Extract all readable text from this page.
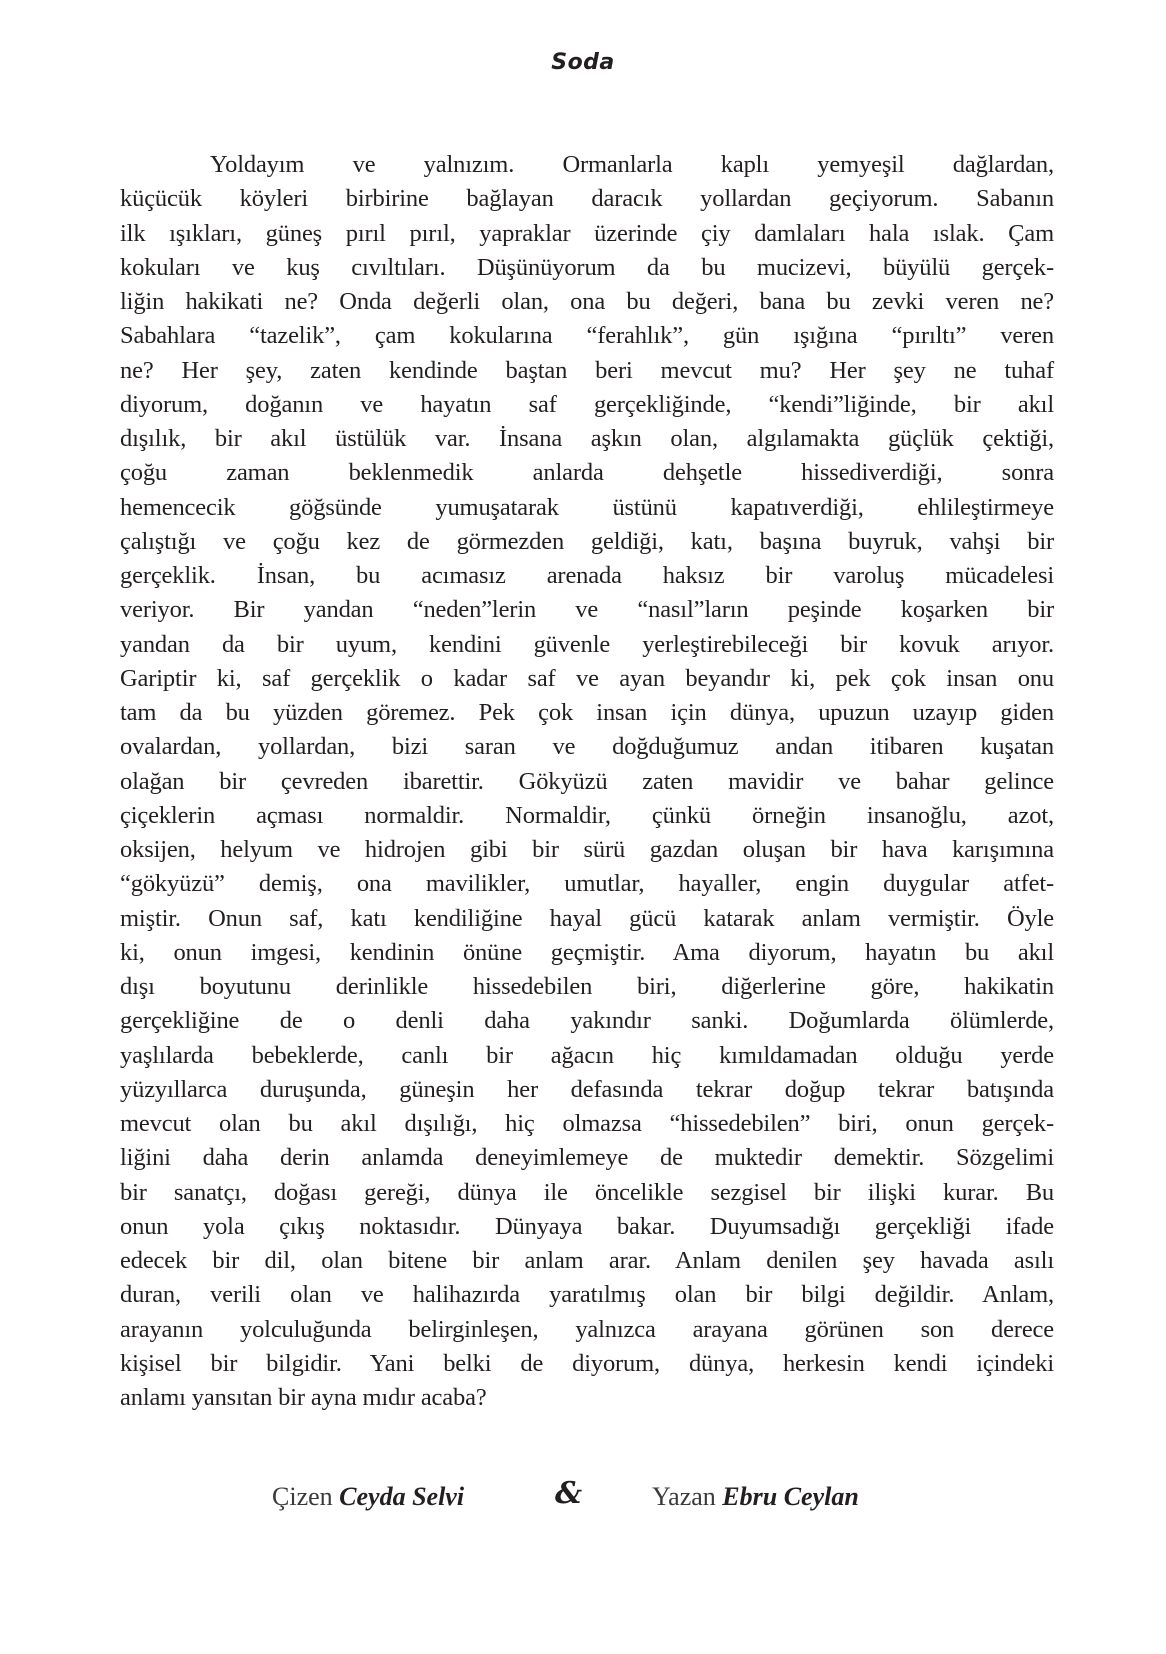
Soda
Yoldayım ve yalnızım. Ormanlarla kaplı yemyeşil dağlardan,
küçücük köyleri birbirine bağlayan daracık yollardan geçiyorum. Sabanın
ilk ışıkları, güneş pırıl pırıl, yapraklar üzerinde çiy damlaları hala ıslak. Çam
kokuları ve kuş cıvıltıları. Düşünüyorum da bu mucizevi, büyülü gerçek-
liğin hakikati ne? Onda değerli olan, ona bu değeri, bana bu zevki veren ne?
Sabahlara “tazelik”, çam kokularına “ferahlık”, gün ışığına “pırıltı” veren
ne? Her şey, zaten kendinde baştan beri mevcut mu? Her şey ne tuhaf
diyorum, doğanın ve hayatın saf gerçekliğinde, “kendi”liğinde, bir akıl
dışılık, bir akıl üstülük var. İnsana aşkın olan, algılamakta güçlük çektiği,
çoğu zaman beklenmedik anlarda dehşetle hissediverdiği, sonra
hemencecik göğsünde yumuşatarak üstünü kapatıverdiği, ehlileştirmeye
çalıştığı ve çoğu kez de görmezden geldiği, katı, başına buyruk, vahşi bir
gerçeklik. İnsan, bu acımasız arenada haksız bir varoluş mücadelesi
veriyor. Bir yandan “neden”lerin ve “nasıl”ların peşinde koşarken bir
yandan da bir uyum, kendini güvenle yerleştirebileceği bir kovuk arıyor.
Gariptir ki, saf gerçeklik o kadar saf ve ayan beyandır ki, pek çok insan onu
tam da bu yüzden göremez. Pek çok insan için dünya, upuzun uzayıp giden
ovalardan, yollardan, bizi saran ve doğduğumuz andan itibaren kuşatan
olağan bir çevreden ibarettir. Gökyüzü zaten mavidir ve bahar gelince
çiçeklerin açması normaldir. Normaldir, çünkü örneğin insanoğlu, azot,
oksijen, helyum ve hidrojen gibi bir sürü gazdan oluşan bir hava karışımına
“gökyüzü” demiş, ona mavilikler, umutlar, hayaller, engin duygular atfet-
miştir. Onun saf, katı kendiliğine hayal gücü katarak anlam vermiştir. Öyle
ki, onun imgesi, kendinin önüne geçmiştir. Ama diyorum, hayatın bu akıl
dışı boyutunu derinlikle hissedebilen biri, diğerlerine göre, hakikatin
gerçekliğine de o denli daha yakındır sanki. Doğumlarda ölümlerde,
yaşlılarda bebeklerde, canlı bir ağacın hiç kımıldamadan olduğu yerde
yüzyıllarca duruşunda, güneşin her defasında tekrar doğup tekrar batışında
mevcut olan bu akıl dışılığı, hiç olmazsa “hissedebilen” biri, onun gerçek-
liğini daha derin anlamda deneyimlemeye de muktedir demektir. Sözgelimi
bir sanatçı, doğası gereği, dünya ile öncelikle sezgisel bir ilişki kurar. Bu
onun yola çıkış noktasıdır. Dünyaya bakar. Duyumsadığı gerçekliği ifade
edecek bir dil, olan bitene bir anlam arar. Anlam denilen şey havada asılı
duran, verili olan ve halihazırda yaratılmış olan bir bilgi değildir. Anlam,
arayanın yolculuğunda belirginleşen, yalnızca arayana görünen son derece
kişisel bir bilgidir. Yani belki de diyorum, dünya, herkesin kendi içindeki
anlamı yansıtan bir ayna mıdır acaba?
Çizen Ceyda Selvi	&	Yazan Ebru Ceylan
